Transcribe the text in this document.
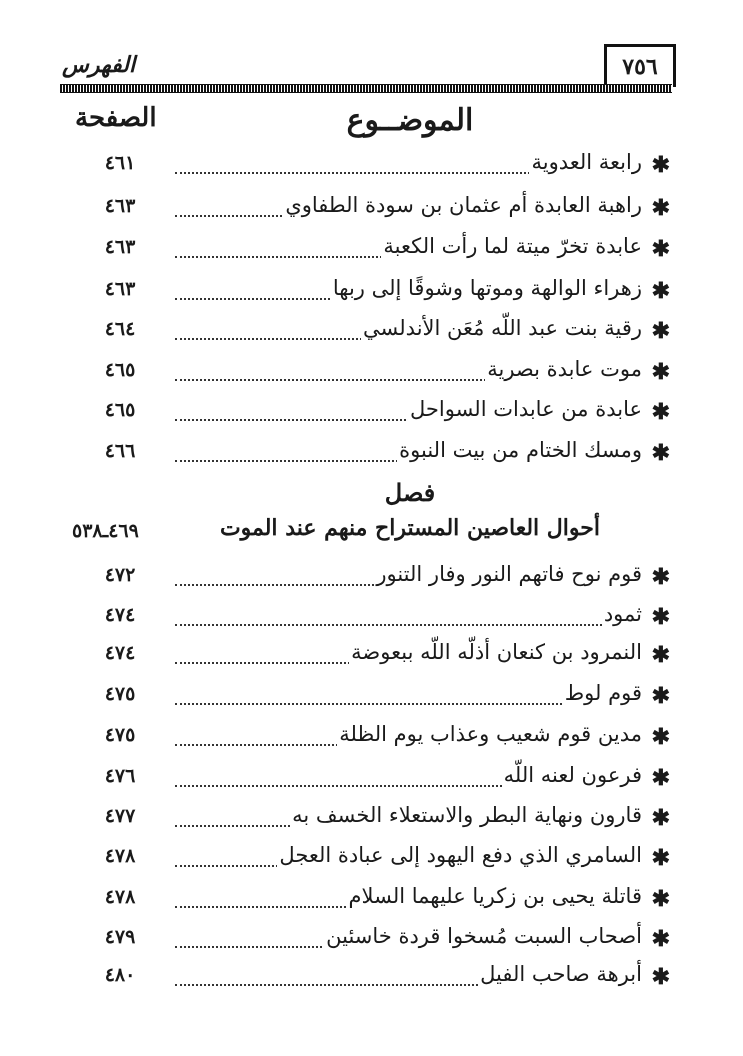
الفهرس	٧٥٦
الموضــوع
الصفحة
✱
رابعة العدوية
٤٦١
✱
راهبة العابدة أم عثمان بن سودة الطفاوي
٤٦٣
✱
عابدة تخرّ ميتة لما رأت الكعبة
٤٦٣
✱
زهراء الوالهة وموتها وشوقًا إلى ربها
٤٦٣
✱
رقية بنت عبد اللّه مُعَن الأندلسي
٤٦٤
✱
موت عابدة بصرية
٤٦٥
✱
عابدة من عابدات السواحل
٤٦٥
✱
ومسك الختام من بيت النبوة
٤٦٦
فصل
أحوال العاصين المستراح منهم عند الموت
٤٦٩ـ٥٣٨
✱
قوم نوح فاتهم النور وفار التنور
٤٧٢
✱
ثمود
٤٧٤
✱
النمرود بن كنعان أذلّه اللّه ببعوضة
٤٧٤
✱
قوم لوط
٤٧٥
✱
مدين قوم شعيب وعذاب يوم الظلة
٤٧٥
✱
فرعون لعنه اللّه
٤٧٦
✱
قارون ونهاية البطر والاستعلاء الخسف به
٤٧٧
✱
السامري الذي دفع اليهود إلى عبادة العجل
٤٧٨
✱
قاتلة يحيى بن زكريا عليهما السلام
٤٧٨
✱
أصحاب السبت مُسخوا قردة خاسئين
٤٧٩
✱
أبرهة صاحب الفيل
٤٨٠
